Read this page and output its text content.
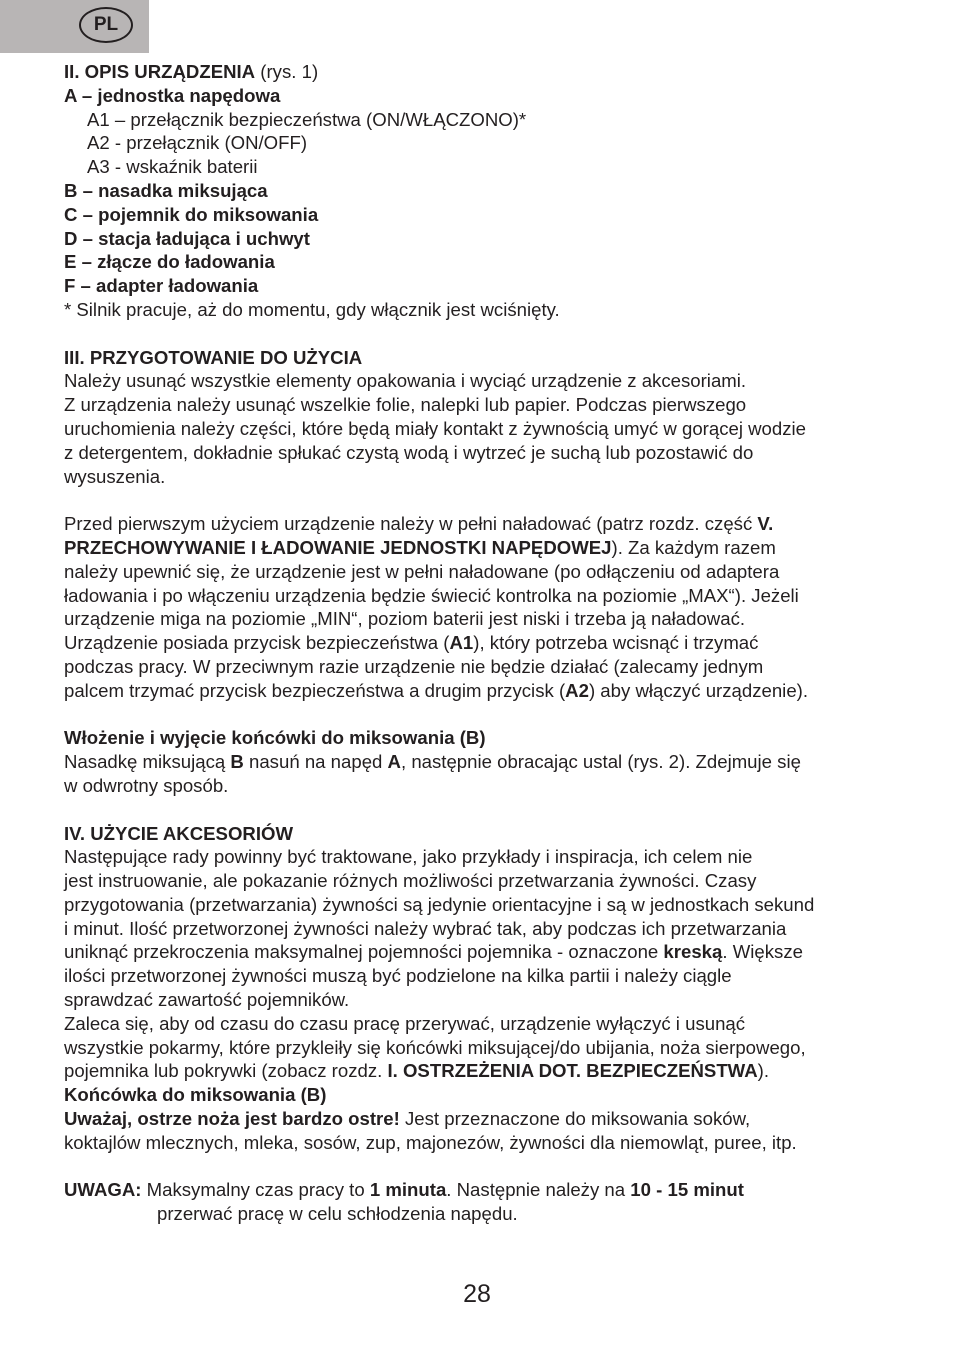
PL
II. OPIS URZĄDZENIA (rys. 1)
A – jednostka napędowa
A1 – przełącznik bezpieczeństwa (ON/WŁĄCZONO)*
A2 - przełącznik (ON/OFF)
A3 - wskaźnik baterii
B – nasadka miksująca
C – pojemnik do miksowania
D – stacja ładująca i uchwyt
E – złącze do ładowania
F – adapter ładowania
* Silnik pracuje, aż do momentu, gdy włącznik jest wciśnięty.
III. PRZYGOTOWANIE DO UŻYCIA
Należy usunąć wszystkie elementy opakowania i wyciąć urządzenie z akcesoriami.
Z urządzenia należy usunąć wszelkie folie, nalepki lub papier. Podczas pierwszego
uruchomienia należy części, które będą miały kontakt z żywnością umyć w gorącej wodzie
z detergentem, dokładnie spłukać czystą wodą i wytrzeć je suchą lub pozostawić do
wysuszenia.
Przed pierwszym użyciem urządzenie należy w pełni naładować (patrz rozdz. część V.
PRZECHOWYWANIE I ŁADOWANIE JEDNOSTKI NAPĘDOWEJ). Za każdym razem
należy upewnić się, że urządzenie jest w pełni naładowane (po odłączeniu od adaptera
ładowania i po włączeniu urządzenia będzie świecić kontrolka na poziomie „MAX“). Jeżeli
urządzenie miga na poziomie „MIN“, poziom baterii jest niski i trzeba ją naładować.
Urządzenie posiada przycisk bezpieczeństwa (A1), który potrzeba wcisnąć i trzymać
podczas pracy. W przeciwnym razie urządzenie nie będzie działać (zalecamy jednym
palcem trzymać przycisk bezpieczeństwa a drugim przycisk (A2) aby włączyć urządzenie).
Włożenie i wyjęcie końcówki do miksowania (B)
Nasadkę miksującą B nasuń na napęd A, następnie obracając ustal (rys. 2). Zdejmuje się
w odwrotny sposób.
IV. UŻYCIE AKCESORIÓW
Następujące rady powinny być traktowane, jako przykłady i inspiracja, ich celem nie
jest instruowanie, ale pokazanie różnych możliwości przetwarzania żywności. Czasy
przygotowania (przetwarzania) żywności są jedynie orientacyjne i są w jednostkach sekund
i minut. Ilość przetworzonej żywności należy wybrać tak, aby podczas ich przetwarzania
uniknąć przekroczenia maksymalnej pojemności pojemnika - oznaczone kreską. Większe
ilości przetworzonej żywności muszą być podzielone na kilka partii i należy ciągle
sprawdzać zawartość pojemników.
Zaleca się, aby od czasu do czasu pracę przerywać, urządzenie wyłączyć i usunąć
wszystkie pokarmy, które przykleiły się końcówki miksującej/do ubijania, noża sierpowego,
pojemnika lub pokrywki (zobacz rozdz. I. OSTRZEŻENIA DOT. BEZPIECZEŃSTWA).
Końcówka do miksowania (B)
Uważaj, ostrze noża jest bardzo ostre! Jest przeznaczone do miksowania soków,
koktajlów mlecznych, mleka, sosów, zup, majonezów, żywności dla niemowląt, puree, itp.
UWAGA: Maksymalny czas pracy to 1 minuta. Następnie należy na 10 - 15 minut
przerwać pracę w celu schłodzenia napędu.
28
